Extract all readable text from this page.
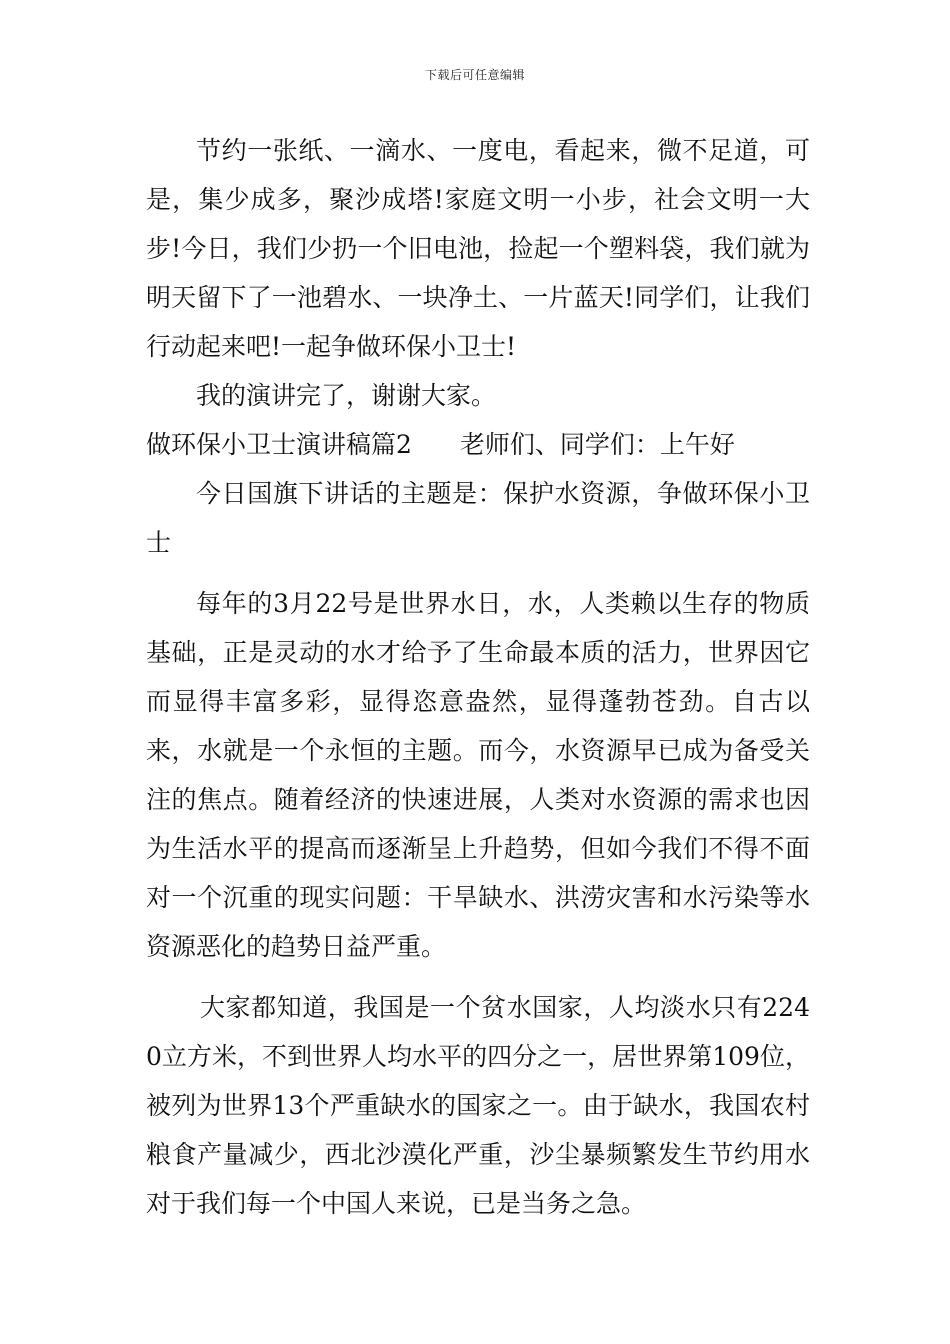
下载后可任意编辑

节约一张纸、一滴水、一度电，看起来，微不足道，可是，集少成多，聚沙成塔!家庭文明一小步，社会文明一大步!今日，我们少扔一个旧电池，捡起一个塑料袋，我们就为明天留下了一池碧水、一块净土、一片蓝天!同学们，让我们行动起来吧!一起争做环保小卫士!

我的演讲完了，谢谢大家。

做环保小卫士演讲稿篇2 老师们、同学们：上午好

今日国旗下讲话的主题是：保护水资源，争做环保小卫士

每年的3月22号是世界水日，水，人类赖以生存的物质基础，正是灵动的水才给予了生命最本质的活力，世界因它而显得丰富多彩，显得恣意盎然，显得蓬勃苍劲。自古以来，水就是一个永恒的主题。而今，水资源早已成为备受关注的焦点。随着经济的快速进展，人类对水资源的需求也因为生活水平的提高而逐渐呈上升趋势，但如今我们不得不面对一个沉重的现实问题：干旱缺水、洪涝灾害和水污染等水资源恶化的趋势日益严重。

大家都知道，我国是一个贫水国家，人均淡水只有2240立方米，不到世界人均水平的四分之一，居世界第109位，被列为世界13个严重缺水的国家之一。由于缺水，我国农村粮食产量减少，西北沙漠化严重，沙尘暴频繁发生节约用水对于我们每一个中国人来说，已是当务之急。
